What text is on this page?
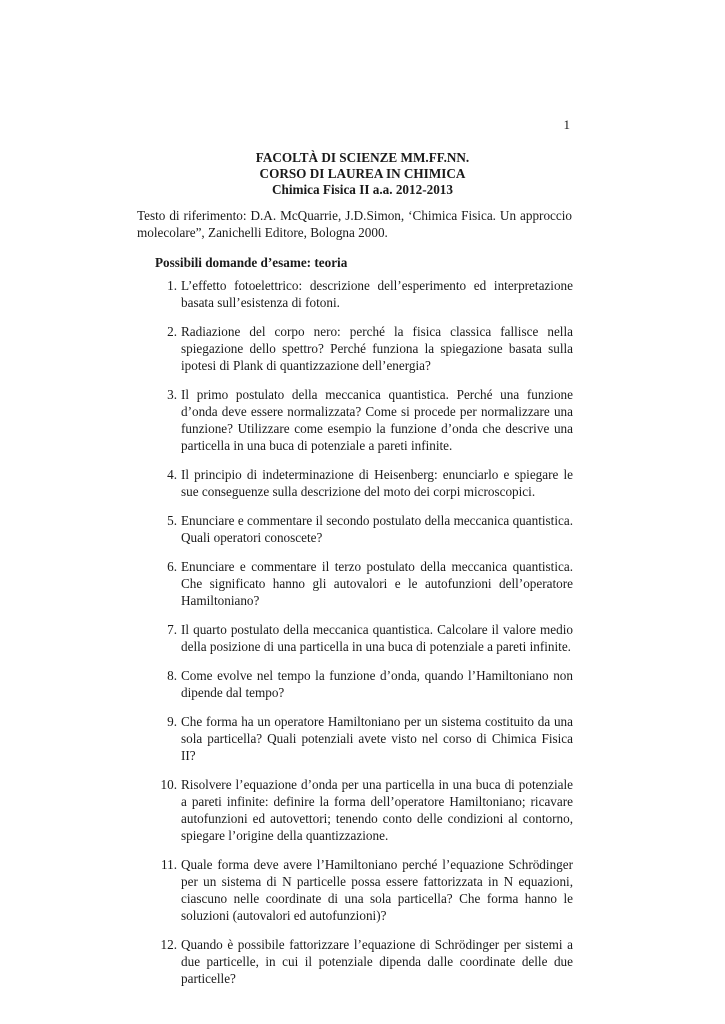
1
FACOLTÀ DI SCIENZE MM.FF.NN.
CORSO DI LAUREA IN CHIMICA
Chimica Fisica II a.a. 2012-2013
Testo di riferimento: D.A. McQuarrie, J.D.Simon, ‘Chimica Fisica. Un approccio molecolare”, Zanichelli Editore, Bologna 2000.
Possibili domande d’esame: teoria
1. L’effetto fotoelettrico: descrizione dell’esperimento ed interpretazione basata sull’esistenza di fotoni.
2. Radiazione del corpo nero: perché la fisica classica fallisce nella spiegazione dello spettro? Perché funziona la spiegazione basata sulla ipotesi di Plank di quantizzazione dell’energia?
3. Il primo postulato della meccanica quantistica. Perché una funzione d’onda deve essere normalizzata? Come si procede per normalizzare una funzione? Utilizzare come esempio la funzione d’onda che descrive una particella in una buca di potenziale a pareti infinite.
4. Il principio di indeterminazione di Heisenberg: enunciarlo e spiegare le sue conseguenze sulla descrizione del moto dei corpi microscopici.
5. Enunciare e commentare il secondo postulato della meccanica quantistica. Quali operatori conoscete?
6. Enunciare e commentare il terzo postulato della meccanica quantistica. Che significato hanno gli autovalori e le autofunzioni dell’operatore Hamiltoniano?
7. Il quarto postulato della meccanica quantistica. Calcolare il valore medio della posizione di una particella in una buca di potenziale a pareti infinite.
8. Come evolve nel tempo la funzione d’onda, quando l’Hamiltoniano non dipende dal tempo?
9. Che forma ha un operatore Hamiltoniano per un sistema costituito da una sola particella? Quali potenziali avete visto nel corso di Chimica Fisica II?
10. Risolvere l’equazione d’onda per una particella in una buca di potenziale a pareti infinite: definire la forma dell’operatore Hamiltoniano; ricavare autofunzioni ed autovettori; tenendo conto delle condizioni al contorno, spiegare l’origine della quantizzazione.
11. Quale forma deve avere l’Hamiltoniano perché l’equazione Schrödinger per un sistema di N particelle possa essere fattorizzata in N equazioni, ciascuno nelle coordinate di una sola particella? Che forma hanno le soluzioni (autovalori ed autofunzioni)?
12. Quando è possibile fattorizzare l’equazione di Schrödinger per sistemi a due particelle, in cui il potenziale dipenda dalle coordinate delle due particelle?
